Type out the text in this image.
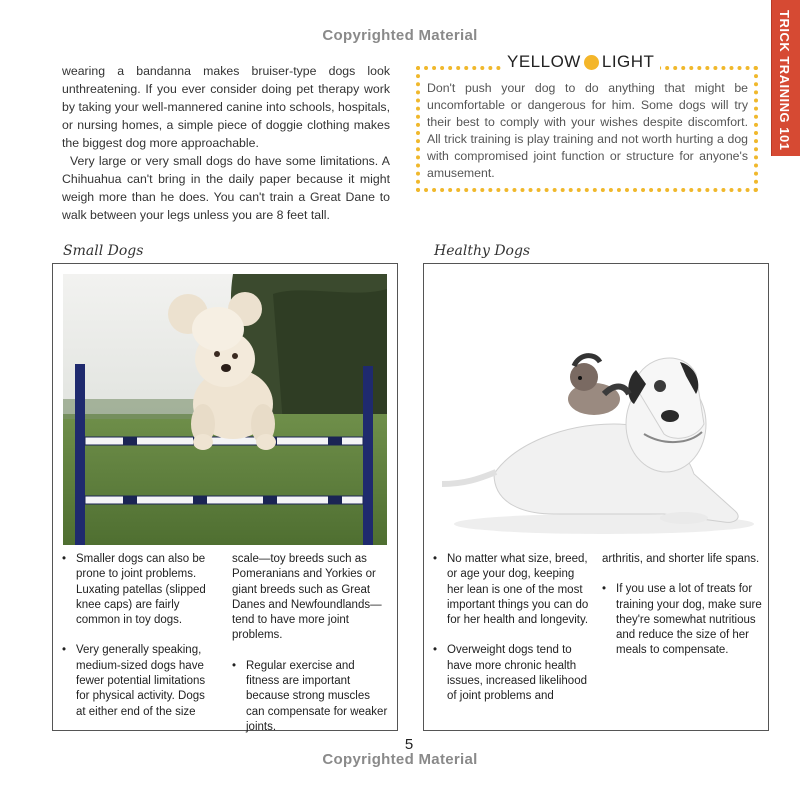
Copyrighted Material	TRICK TRAINING 101

wearing a bandanna makes bruiser-type dogs look unthreatening. If you ever consider doing pet therapy work by taking your well-mannered canine into schools, hospitals, or nursing homes, a simple piece of doggie clothing makes the biggest dog more approachable.

Very large or very small dogs do have some limitations. A Chihuahua can't bring in the daily paper because it might weigh more than he does. You can't train a Great Dane to walk between your legs unless you are 8 feet tall.

YELLOW LIGHT
Don't push your dog to do anything that might be uncomfortable or dangerous for him. Some dogs will try their best to comply with your wishes despite discomfort. All trick training is play training and not worth hurting a dog with compromised joint function or structure for anyone's amusement.
Small Dogs	Healthy Dogs
• Smaller dogs can also be prone to joint problems. Luxating patellas (slipped knee caps) are fairly common in toy dogs.
• Very generally speaking, medium-sized dogs have fewer potential limitations for physical activity. Dogs at either end of the size
scale—toy breeds such as Pomeranians and Yorkies or giant breeds such as Great Danes and Newfoundlands—tend to have more joint problems.
• Regular exercise and fitness are important because strong muscles can compensate for weaker joints.
• No matter what size, breed, or age your dog, keeping her lean is one of the most important things you can do for her health and longevity.
• Overweight dogs tend to have more chronic health issues, increased likelihood of joint problems and
arthritis, and shorter life spans.
• If you use a lot of treats for training your dog, make sure they're somewhat nutritious and reduce the size of her meals to compensate.
5
Copyrighted Material
